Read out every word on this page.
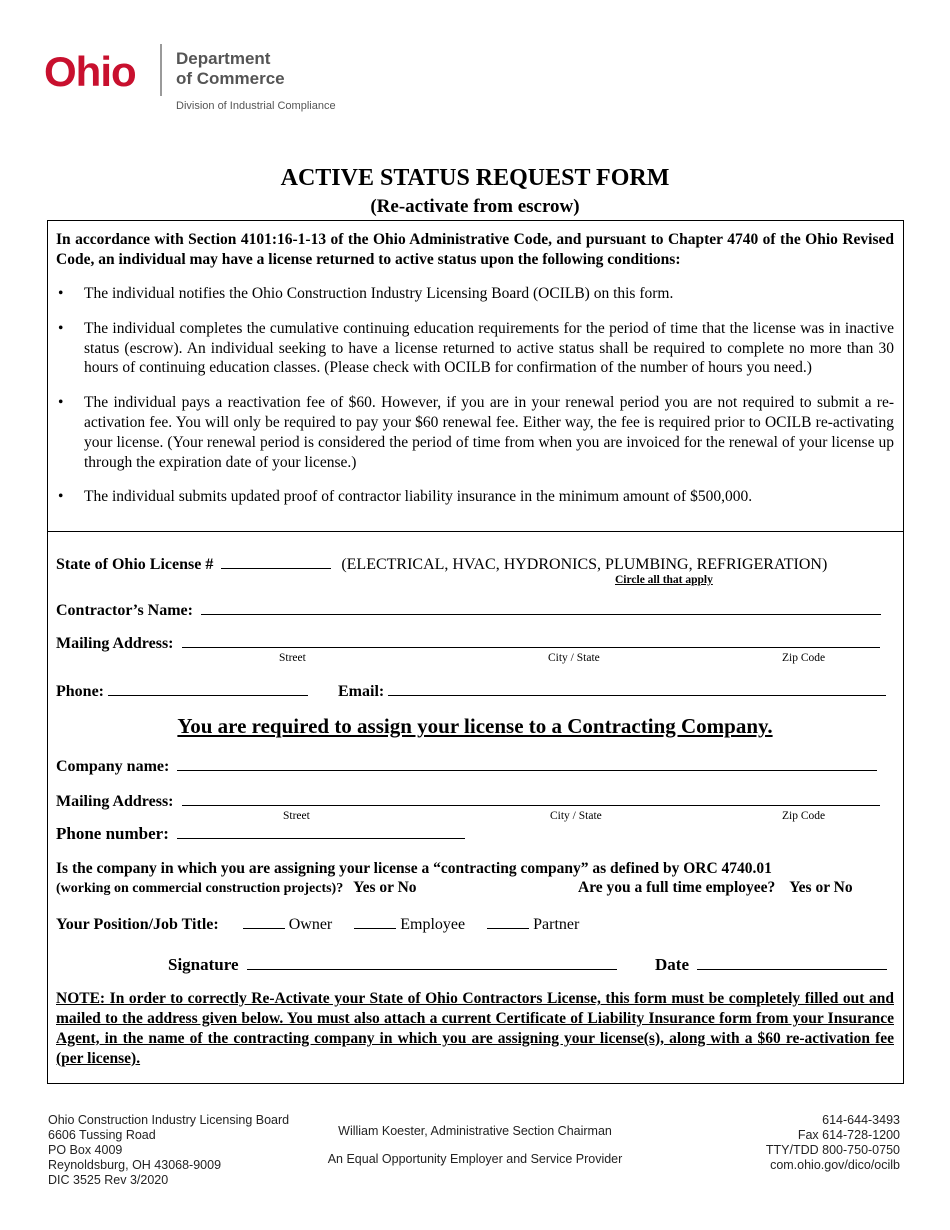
Ohio Department
of Commerce
Division of Industrial Compliance
ACTIVE STATUS REQUEST FORM
(Re-activate from escrow)
In accordance with Section 4101:16-1-13 of the Ohio Administrative Code, and pursuant to Chapter 4740 of the Ohio Revised Code, an individual may have a license returned to active status upon the following conditions:
• The individual notifies the Ohio Construction Industry Licensing Board (OCILB) on this form.
• The individual completes the cumulative continuing education requirements for the period of time that the license was in inactive status (escrow). An individual seeking to have a license returned to active status shall be required to complete no more than 30 hours of continuing education classes. (Please check with OCILB for confirmation of the number of hours you need.)
• The individual pays a reactivation fee of $60. However, if you are in your renewal period you are not required to submit a re-activation fee. You will only be required to pay your $60 renewal fee. Either way, the fee is required prior to OCILB re-activating your license. (Your renewal period is considered the period of time from when you are invoiced for the renewal of your license up through the expiration date of your license.)
• The individual submits updated proof of contractor liability insurance in the minimum amount of $500,000.
State of Ohio License #	(ELECTRICAL, HVAC, HYDRONICS, PLUMBING, REFRIGERATION)
Circle all that apply
Contractor’s Name:
Mailing Address:
Street	City / State	Zip Code
Phone:	Email:
You are required to assign your license to a Contracting Company.
Company name:
Mailing Address:
Street	City / State	Zip Code
Phone number:
Is the company in which you are assigning your license a “contracting company” as defined by ORC 4740.01
(working on commercial construction projects)? Yes or No	Are you a full time employee? Yes or No
Your Position/Job Title:	Owner	Employee	Partner
Signature	Date
NOTE: In order to correctly Re-Activate your State of Ohio Contractors License, this form must be completely filled out and mailed to the address given below. You must also attach a current Certificate of Liability Insurance form from your Insurance Agent, in the name of the contracting company in which you are assigning your license(s), along with a $60 re-activation fee (per license).
Ohio Construction Industry Licensing Board
6606 Tussing Road
PO Box 4009
Reynoldsburg, OH 43068-9009
DIC 3525 Rev 3/2020
William Koester, Administrative Section Chairman
An Equal Opportunity Employer and Service Provider
614-644-3493
Fax 614-728-1200
TTY/TDD 800-750-0750
com.ohio.gov/dico/ocilb
